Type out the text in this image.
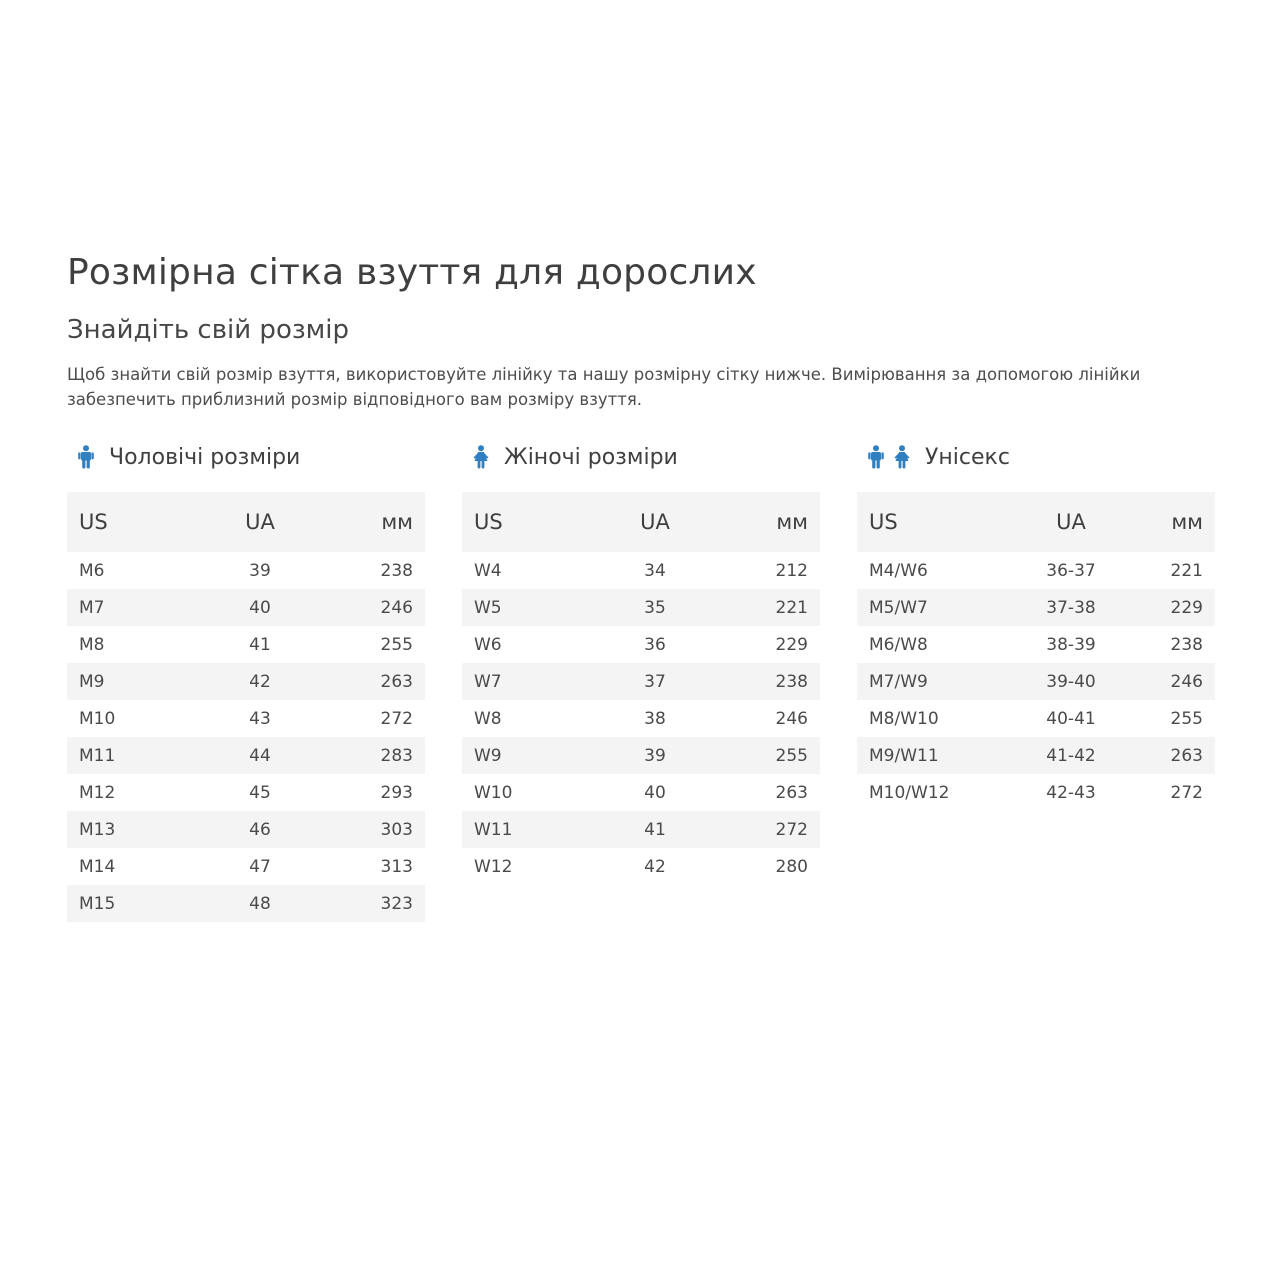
Розмірна сітка взуття для дорослих
Знайдіть свій розмір

Щоб знайти свій розмір взуття, використовуйте лінійку та нашу розмірну сітку нижче. Вимірювання за допомогою лінійки забезпечить приблизний розмір відповідного вам розміру взуття.

Чоловічі розміри
US	UA	мм
M6	39	238
M7	40	246
M8	41	255
M9	42	263
M10	43	272
M11	44	283
M12	45	293
M13	46	303
M14	47	313
M15	48	323
Жіночі розміри
US	UA	мм
W4	34	212
W5	35	221
W6	36	229
W7	37	238
W8	38	246
W9	39	255
W10	40	263
W11	41	272
W12	42	280
Унісекс
US	UA	мм
M4/W6	36-37	221
M5/W7	37-38	229
M6/W8	38-39	238
M7/W9	39-40	246
M8/W10	40-41	255
M9/W11	41-42	263
M10/W12	42-43	272
